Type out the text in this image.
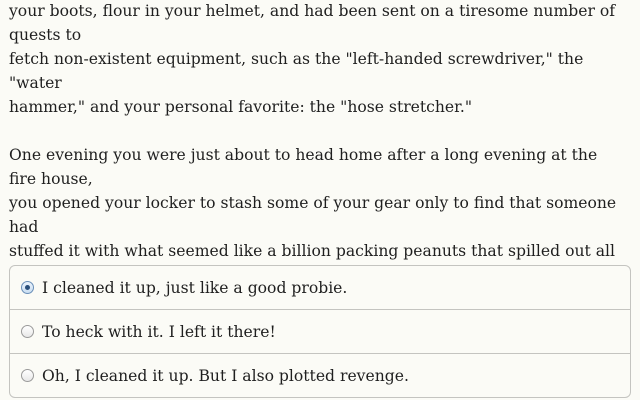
your boots, flour in your helmet, and had been sent on a tiresome number of quests to
fetch non-existent equipment, such as the "left-handed screwdriver," the "water
hammer," and your personal favorite: the "hose stretcher."
One evening you were just about to head home after a long evening at the fire house,
you opened your locker to stash some of your gear only to find that someone had
stuffed it with what seemed like a billion packing peanuts that spilled out all
I cleaned it up, just like a good probie.
To heck with it. I left it there!
Oh, I cleaned it up. But I also plotted revenge.
